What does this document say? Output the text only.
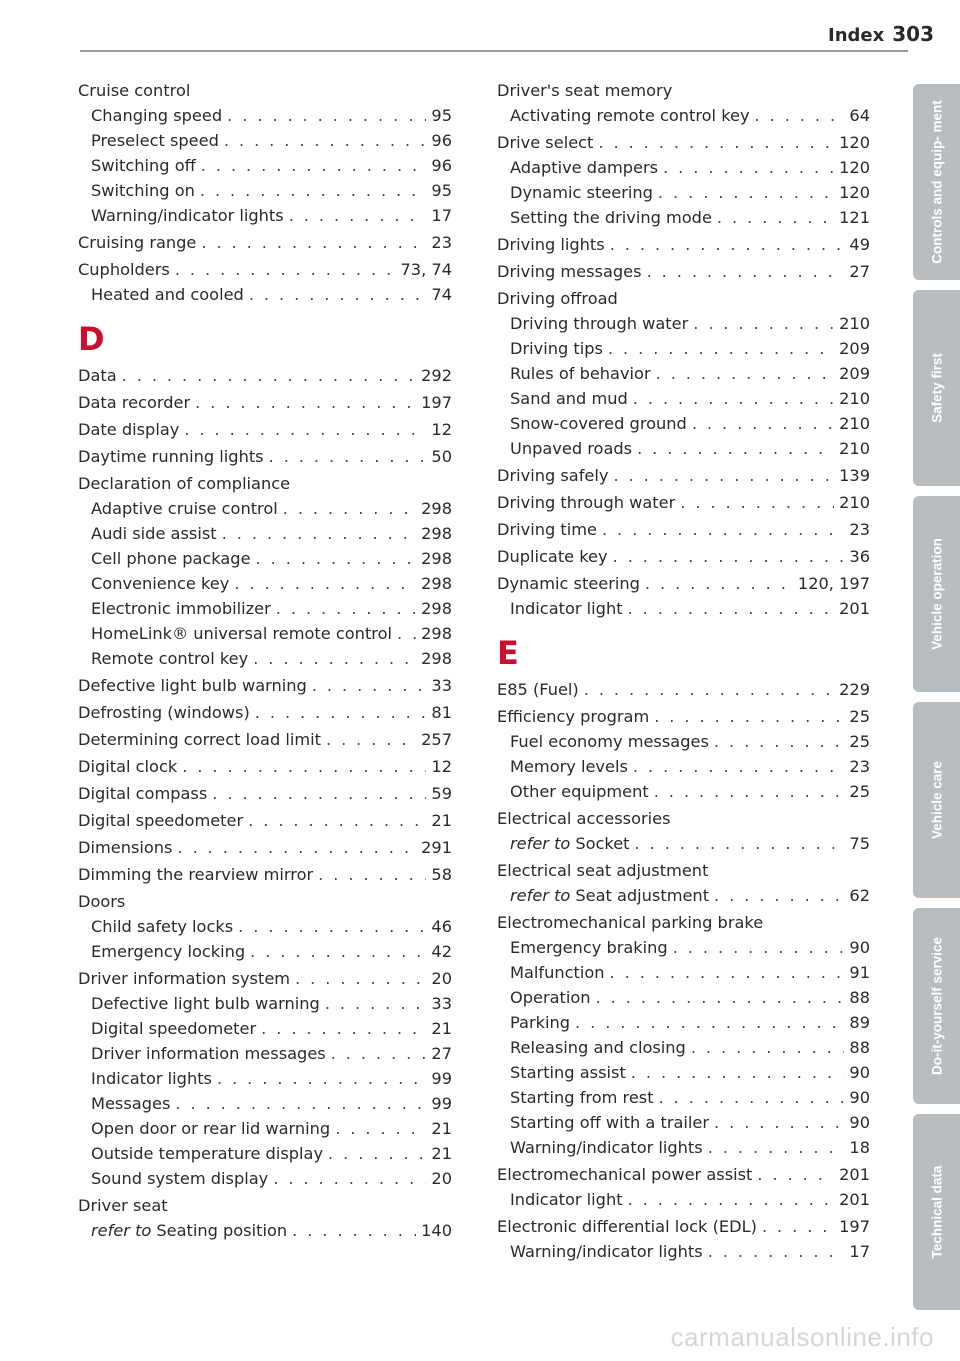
Index 303
Cruise control
Changing speed . . .	95
Preselect speed . . .	96
Switching off . . .	96
Switching on . . .	95
Warning/indicator lights . . .	17
Cruising range . . .	23
Cupholders . . .	73, 74
Heated and cooled . . .	74
D
Data . . .	292
Data recorder . . .	197
Date display . . .	12
Daytime running lights . . .	50
Declaration of compliance
Adaptive cruise control . . .	298
Audi side assist . . .	298
Cell phone package . . .	298
Convenience key . . .	298
Electronic immobilizer . . .	298
HomeLink® universal remote control . . . 298
Remote control key . . .	298
Defective light bulb warning . . .	33
Defrosting (windows) . . .	81
Determining correct load limit . . .	257
Digital clock . . .	12
Digital compass . . .	59
Digital speedometer . . .	21
Dimensions . . .	291
Dimming the rearview mirror . . .	58
Doors
Child safety locks . . .	46
Emergency locking . . .	42
Driver information system . . .	20
Defective light bulb warning . . .	33
Digital speedometer . . .	21
Driver information messages . . .	27
Indicator lights . . .	99
Messages . . .	99
Open door or rear lid warning . . .	21
Outside temperature display . . .	21
Sound system display . . .	20
Driver seat
refer to Seating position . . .	140
Driver's seat memory
Activating remote control key . . .	64
Drive select . . .	120
Adaptive dampers . . .	120
Dynamic steering . . .	120
Setting the driving mode . . .	121
Driving lights . . .	49
Driving messages . . .	27
Driving offroad
Driving through water . . .	210
Driving tips . . .	209
Rules of behavior . . .	209
Sand and mud . . .	210
Snow-covered ground . . .	210
Unpaved roads . . .	210
Driving safely . . .	139
Driving through water . . .	210
Driving time . . .	23
Duplicate key . . .	36
Dynamic steering . . .	120, 197
Indicator light . . .	201
E
E85 (Fuel) . . .	229
Efficiency program . . .	25
Fuel economy messages . . .	25
Memory levels . . .	23
Other equipment . . .	25
Electrical accessories
refer to Socket . . .	75
Electrical seat adjustment
refer to Seat adjustment . . .	62
Electromechanical parking brake
Emergency braking . . .	90
Malfunction . . .	91
Operation . . .	88
Parking . . .	89
Releasing and closing . . .	88
Starting assist . . .	90
Starting from rest . . .	90
Starting off with a trailer . . .	90
Warning/indicator lights . . .	18
Electromechanical power assist . . .	201
Indicator light . . .	201
Electronic differential lock (EDL) . . .	197
Warning/indicator lights . . .	17
Controls and equip- ment
Safety first
Vehicle operation
Vehicle care
Do-it-yourself service
Technical data
carmanualsonline.info
